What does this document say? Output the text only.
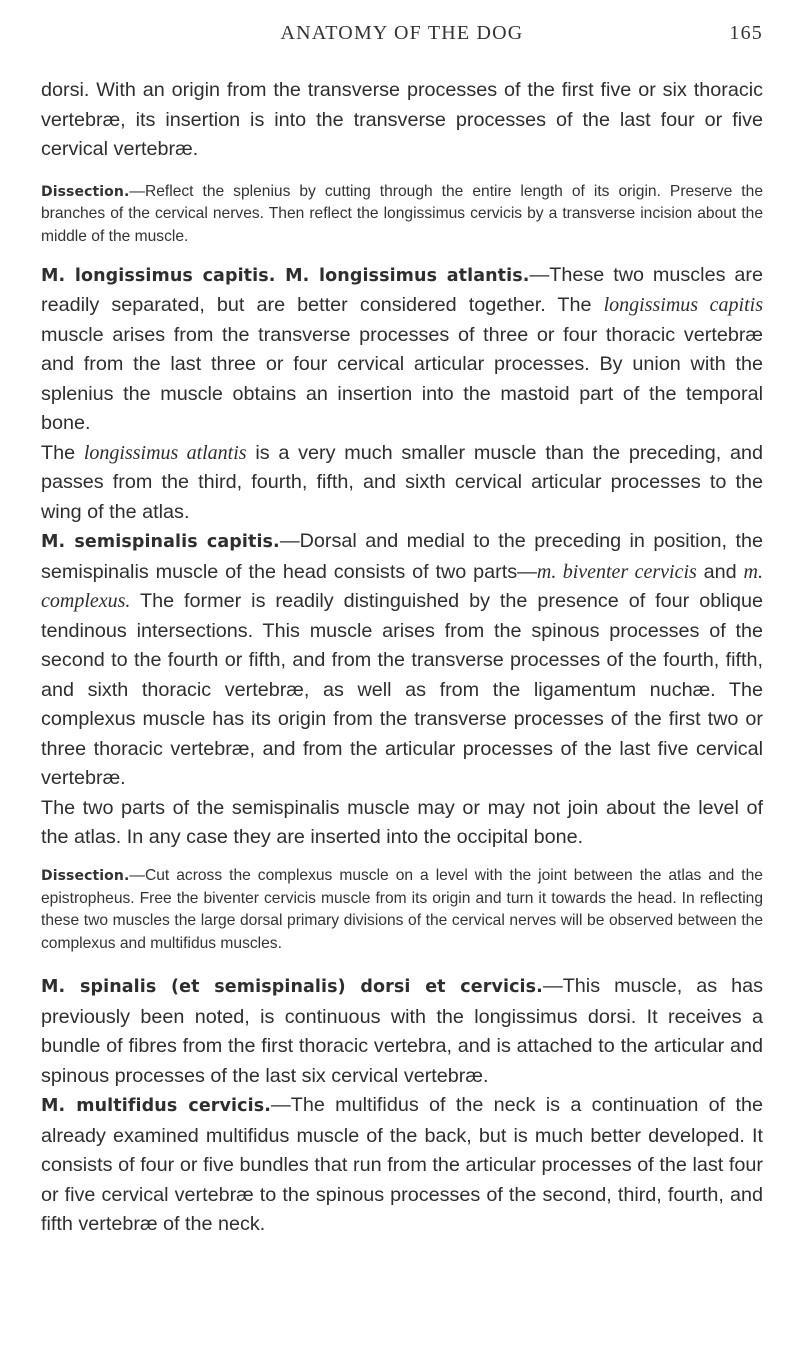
ANATOMY OF THE DOG	165

dorsi. With an origin from the transverse processes of the first five or six thoracic vertebræ, its insertion is into the transverse processes of the last four or five cervical vertebræ.

Dissection.—Reflect the splenius by cutting through the entire length of its origin. Preserve the branches of the cervical nerves. Then reflect the longissimus cervicis by a transverse incision about the middle of the muscle.

M. longissimus capitis. M. longissimus atlantis.—These two muscles are readily separated, but are better considered together. The longissimus capitis muscle arises from the transverse processes of three or four thoracic vertebræ and from the last three or four cervical articular processes. By union with the splenius the muscle obtains an insertion into the mastoid part of the temporal bone.

The longissimus atlantis is a very much smaller muscle than the preceding, and passes from the third, fourth, fifth, and sixth cervical articular processes to the wing of the atlas.

M. semispinalis capitis.—Dorsal and medial to the preceding in position, the semispinalis muscle of the head consists of two parts—m. biventer cervicis and m. complexus. The former is readily distinguished by the presence of four oblique tendinous intersections. This muscle arises from the spinous processes of the second to the fourth or fifth, and from the transverse processes of the fourth, fifth, and sixth thoracic vertebræ, as well as from the ligamentum nuchæ. The complexus muscle has its origin from the transverse processes of the first two or three thoracic vertebræ, and from the articular processes of the last five cervical vertebræ.

The two parts of the semispinalis muscle may or may not join about the level of the atlas. In any case they are inserted into the occipital bone.

Dissection.—Cut across the complexus muscle on a level with the joint between the atlas and the epistropheus. Free the biventer cervicis muscle from its origin and turn it towards the head. In reflecting these two muscles the large dorsal primary divisions of the cervical nerves will be observed between the complexus and multifidus muscles.

M. spinalis (et semispinalis) dorsi et cervicis.—This muscle, as has previously been noted, is continuous with the longissimus dorsi. It receives a bundle of fibres from the first thoracic vertebra, and is attached to the articular and spinous processes of the last six cervical vertebræ.

M. multifidus cervicis.—The multifidus of the neck is a continuation of the already examined multifidus muscle of the back, but is much better developed. It consists of four or five bundles that run from the articular processes of the last four or five cervical vertebræ to the spinous processes of the second, third, fourth, and fifth vertebræ of the neck.
